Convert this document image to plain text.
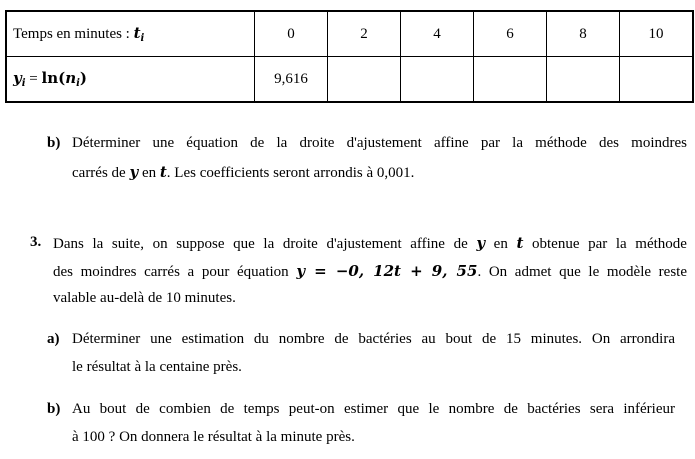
Temps en minutes : $t_i$	0	2	4	6	8	10
$y_i = \ln(n_i)$	9,616					
b) Déterminer une équation de la droite d'ajustement affine par la méthode des moindres
carrés de y en t. Les coefficients seront arrondis à 0,001.
3. Dans la suite, on suppose que la droite d'ajustement affine de y en t obtenue par la méthode
des moindres carrés a pour équation y = −0, 12t + 9, 55. On admet que le modèle reste
valable au-delà de 10 minutes.
a) Déterminer une estimation du nombre de bactéries au bout de 15 minutes. On arrondira
le résultat à la centaine près.
b) Au bout de combien de temps peut-on estimer que le nombre de bactéries sera inférieur
à 100 ? On donnera le résultat à la minute près.
